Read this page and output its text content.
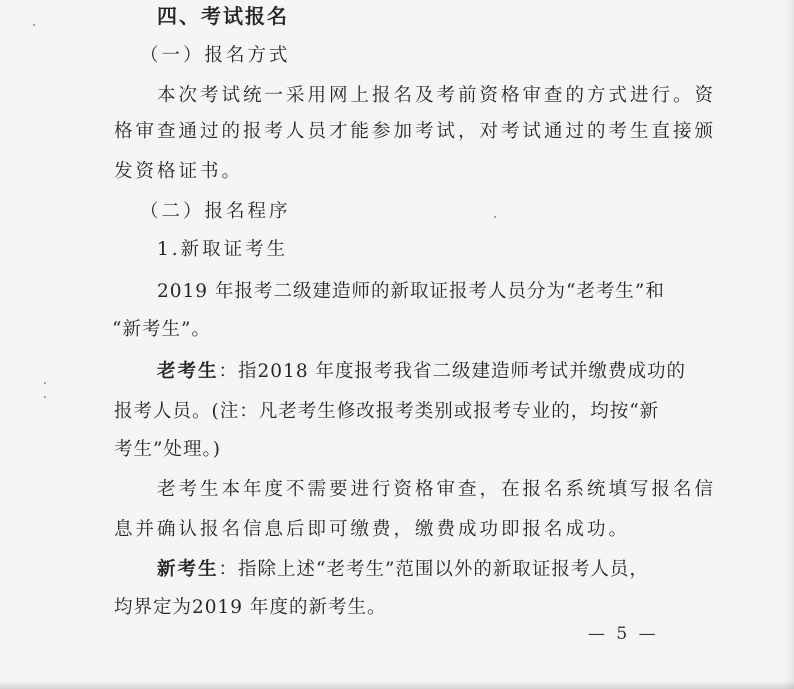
四、考试报名
（一）报名方式
本次考试统一采用网上报名及考前资格审查的方式进行。资
格审查通过的报考人员才能参加考试，对考试通过的考生直接颁
发资格证书。
（二）报名程序
1.新取证考生
2019 年报考二级建造师的新取证报考人员分为“老考生”和
“新考生”。
老考生：指2018 年度报考我省二级建造师考试并缴费成功的
报考人员。(注：凡老考生修改报考类别或报考专业的，均按“新
考生”处理。)
老考生本年度不需要进行资格审查，在报名系统填写报名信
息并确认报名信息后即可缴费，缴费成功即报名成功。
新考生：指除上述“老考生”范围以外的新取证报考人员，
均界定为2019 年度的新考生。
— 5 —
